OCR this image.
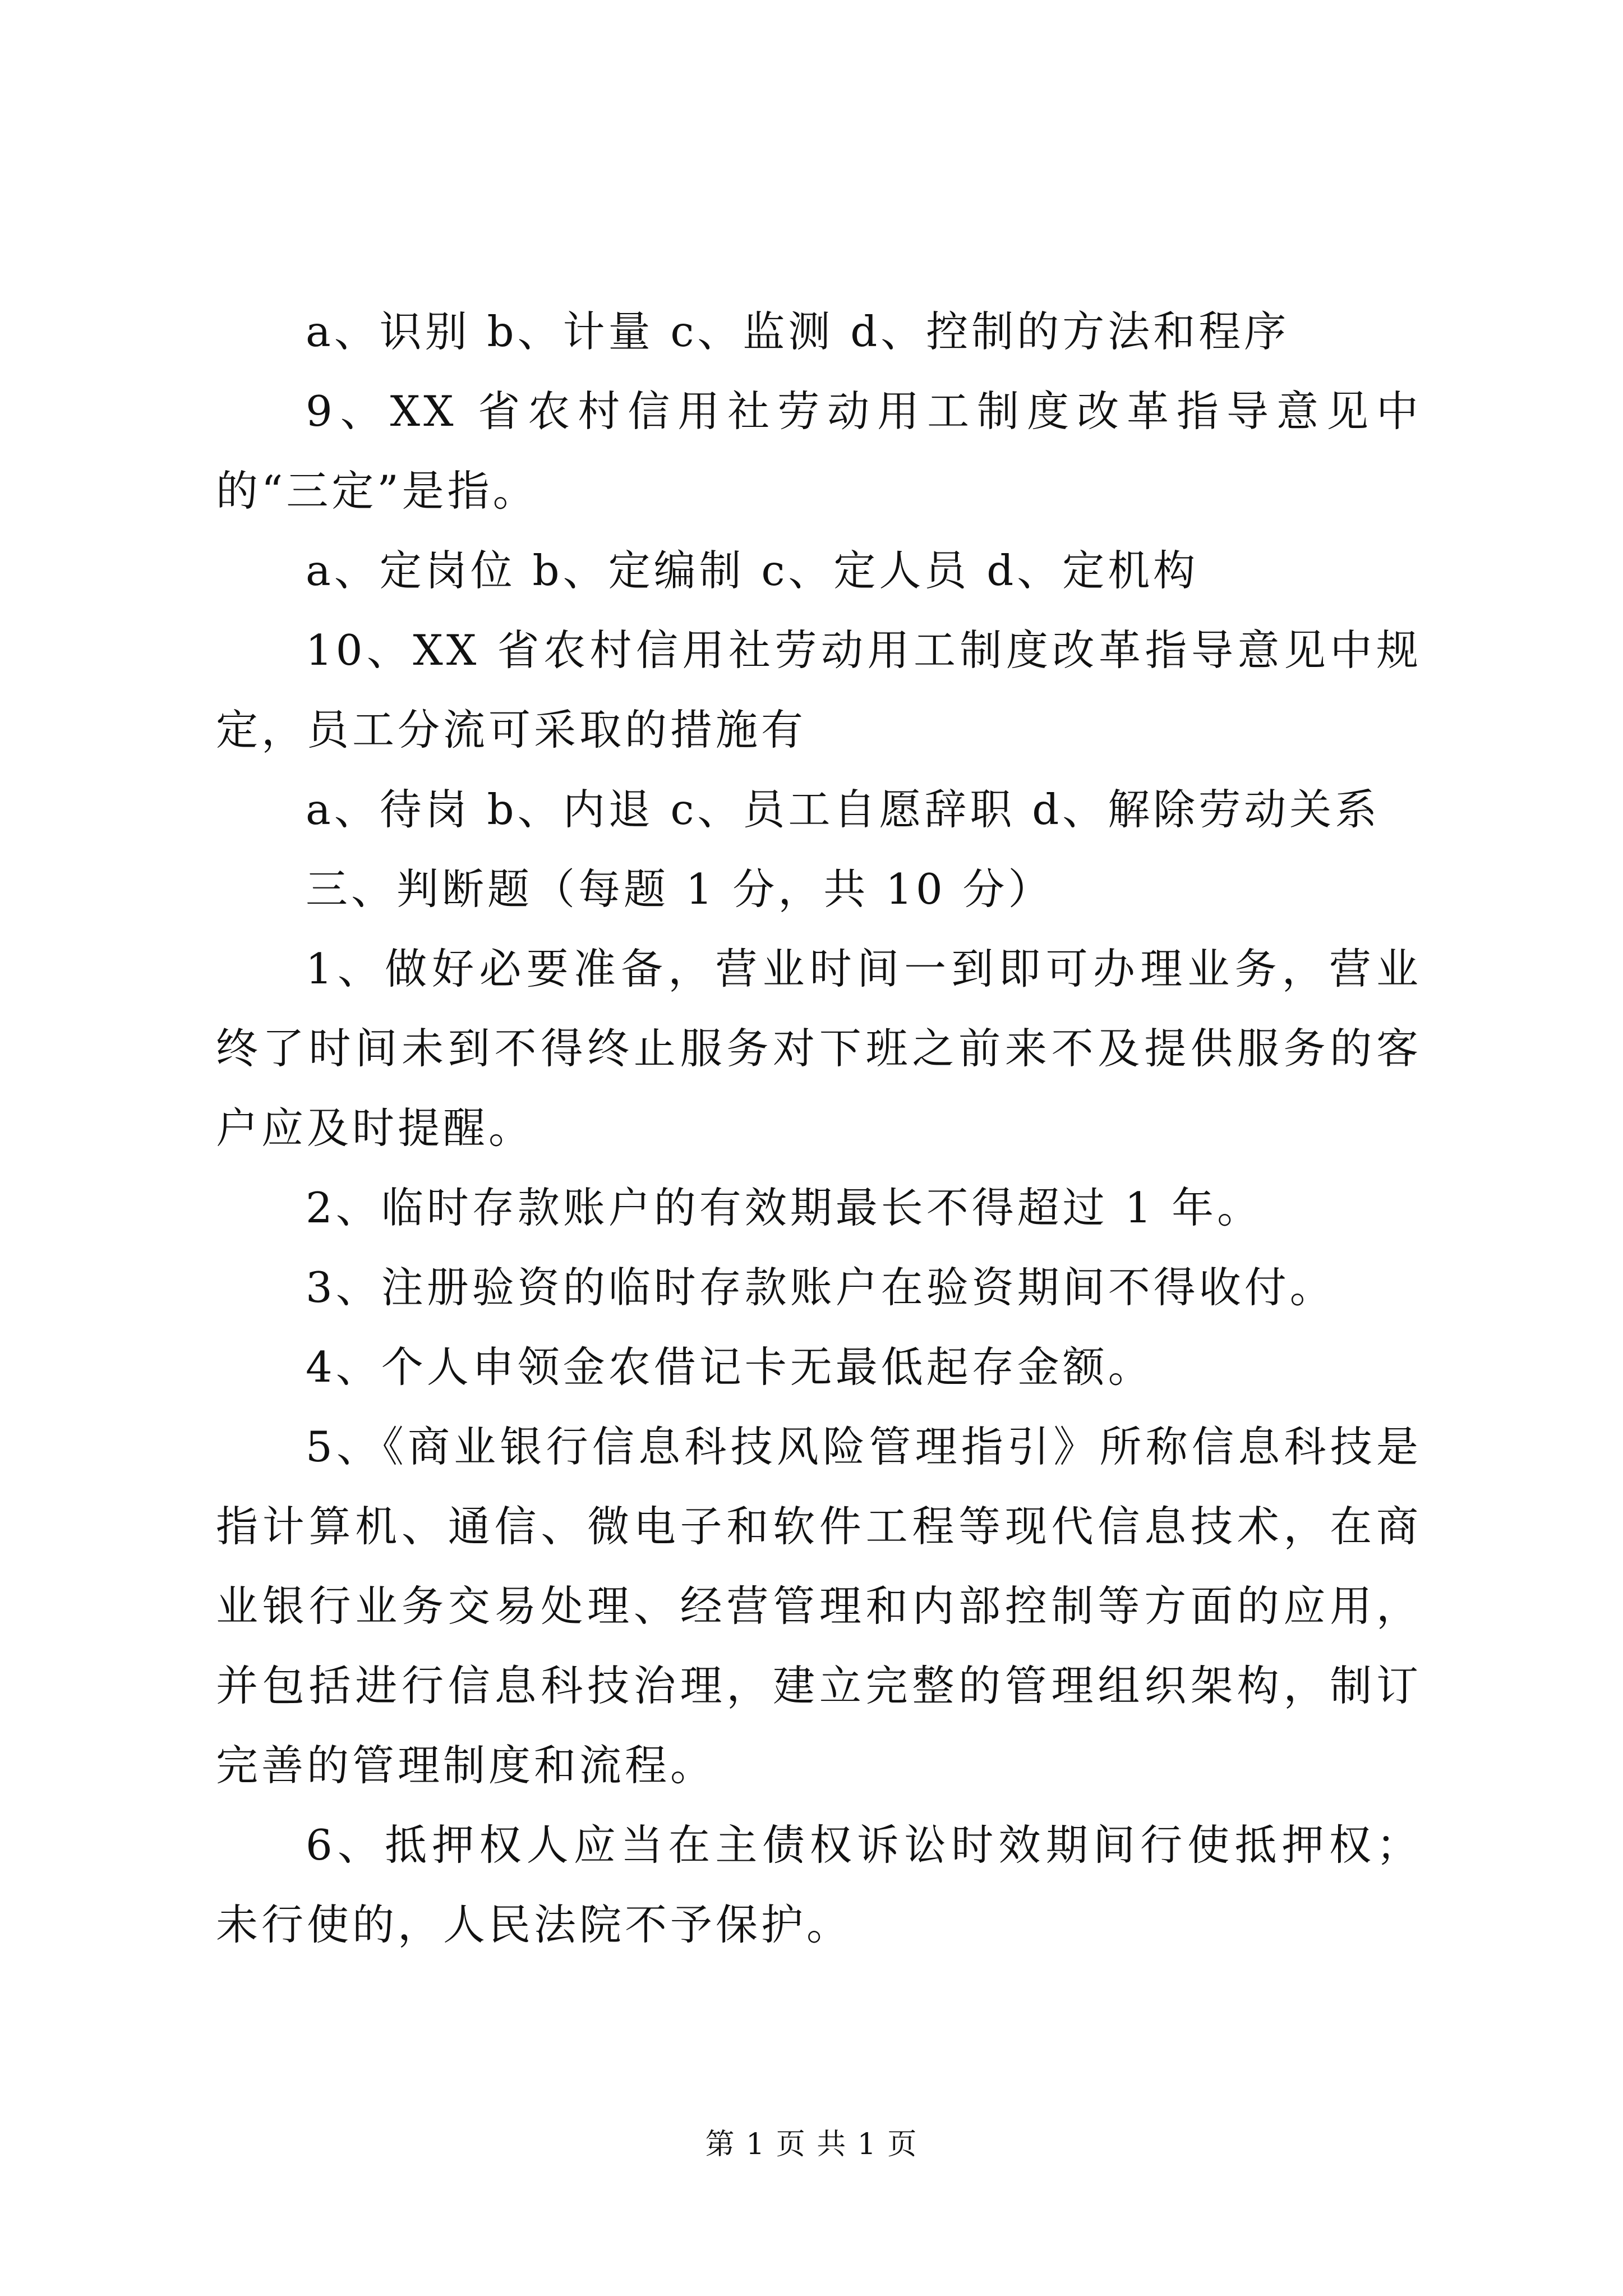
a、识别 b、计量 c、监测 d、控制的方法和程序

9、XX 省农村信用社劳动用工制度改革指导意见中的“三定”是指。

a、定岗位 b、定编制 c、定人员 d、定机构

10、XX 省农村信用社劳动用工制度改革指导意见中规定，员工分流可采取的措施有

a、待岗 b、内退 c、员工自愿辞职 d、解除劳动关系

三、判断题（每题 1 分，共 10 分）

1、做好必要准备，营业时间一到即可办理业务，营业终了时间未到不得终止服务对下班之前来不及提供服务的客户应及时提醒。

2、临时存款账户的有效期最长不得超过 1 年。

3、注册验资的临时存款账户在验资期间不得收付。

4、个人申领金农借记卡无最低起存金额。

5、《商业银行信息科技风险管理指引》所称信息科技是指计算机、通信、微电子和软件工程等现代信息技术，在商业银行业务交易处理、经营管理和内部控制等方面的应用，并包括进行信息科技治理，建立完整的管理组织架构，制订完善的管理制度和流程。

6、抵押权人应当在主债权诉讼时效期间行使抵押权；未行使的，人民法院不予保护。

第 1 页 共 1 页
